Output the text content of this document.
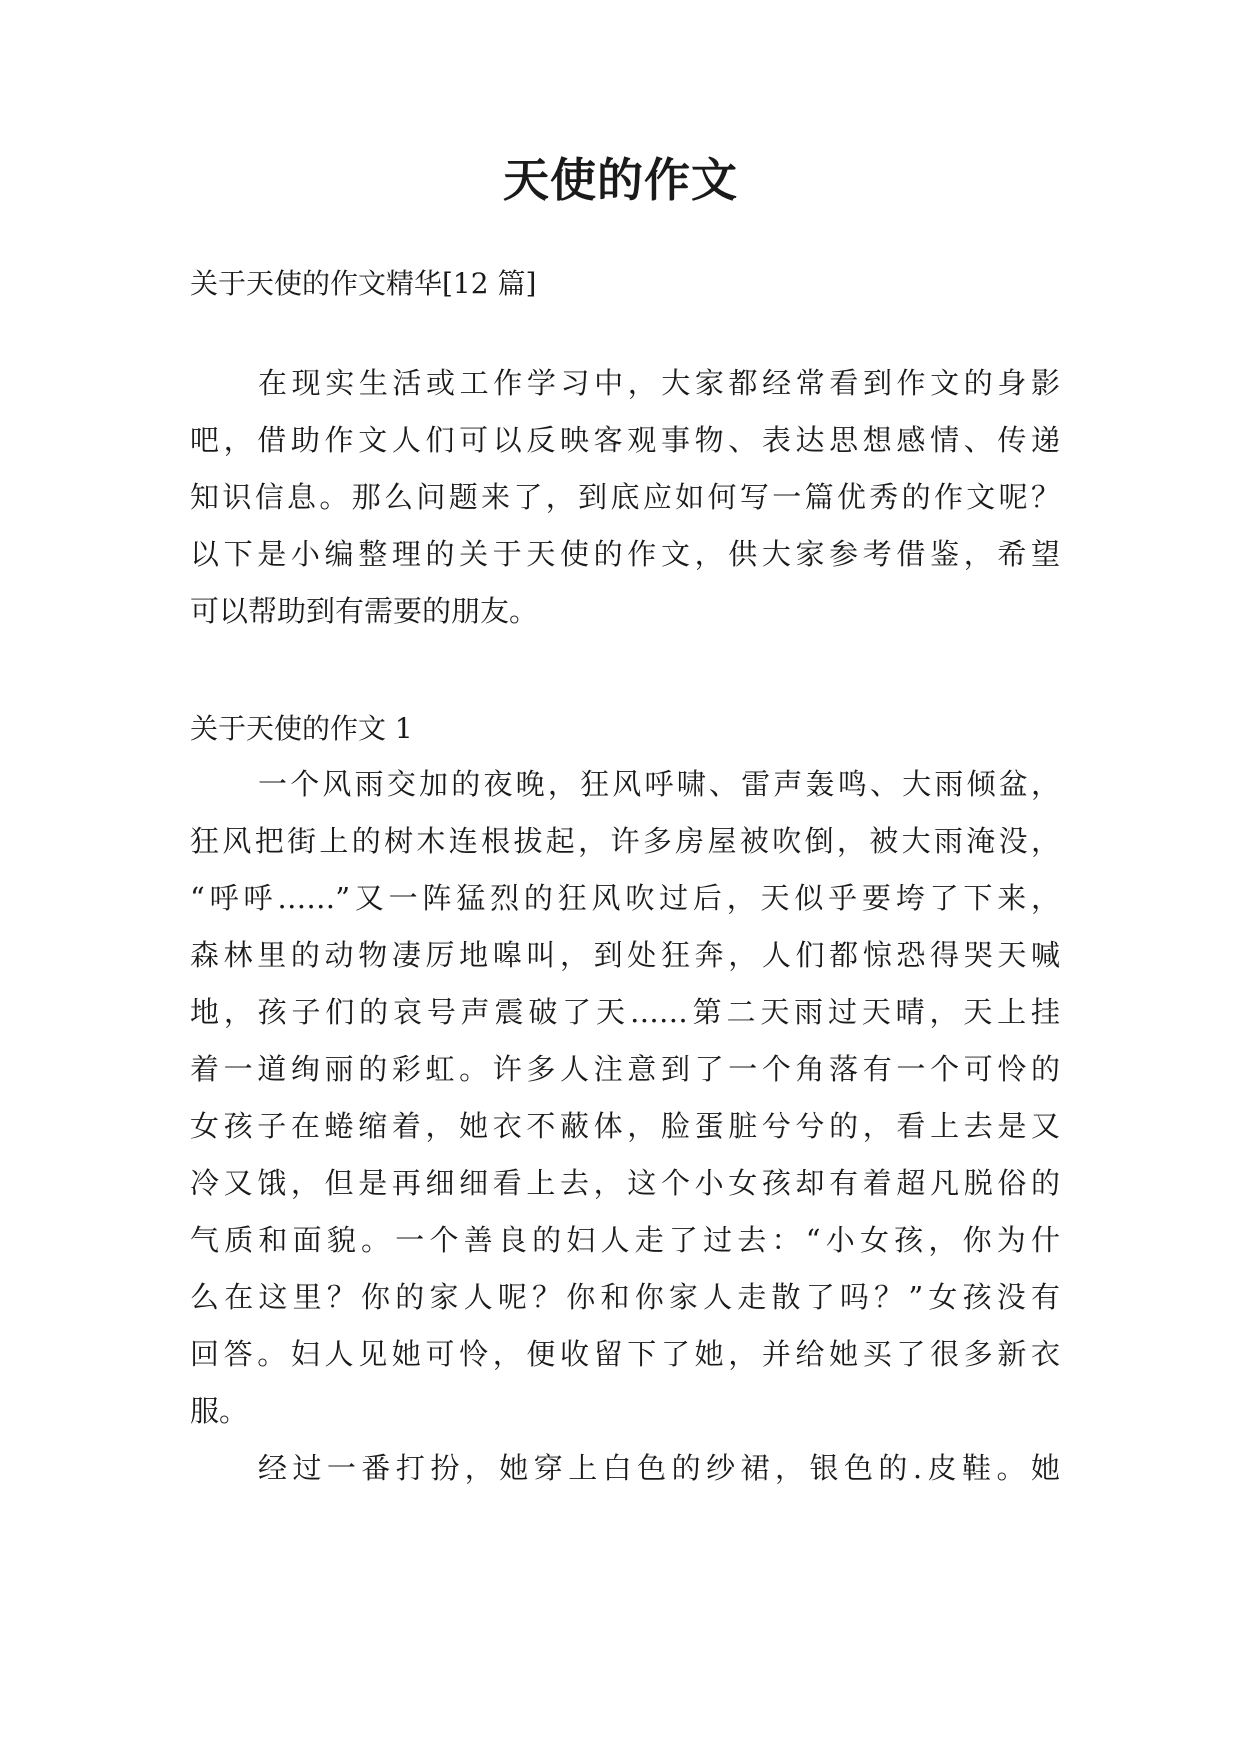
天使的作文

关于天使的作文精华[12 篇]

在现实生活或工作学习中，大家都经常看到作文的身影

吧，借助作文人们可以反映客观事物、表达思想感情、传递

知识信息。那么问题来了，到底应如何写一篇优秀的作文呢？

以下是小编整理的关于天使的作文，供大家参考借鉴，希望

可以帮助到有需要的朋友。

关于天使的作文 1

一个风雨交加的夜晚，狂风呼啸、雷声轰鸣、大雨倾盆，

狂风把街上的树木连根拔起，许多房屋被吹倒，被大雨淹没，

“呼呼……”又一阵猛烈的狂风吹过后，天似乎要垮了下来，

森林里的动物凄厉地嗥叫，到处狂奔，人们都惊恐得哭天喊

地，孩子们的哀号声震破了天……第二天雨过天晴，天上挂

着一道绚丽的彩虹。许多人注意到了一个角落有一个可怜的

女孩子在蜷缩着，她衣不蔽体，脸蛋脏兮兮的，看上去是又

冷又饿，但是再细细看上去，这个小女孩却有着超凡脱俗的

气质和面貌。一个善良的妇人走了过去：“小女孩，你为什

么在这里？你的家人呢？你和你家人走散了吗？”女孩没有

回答。妇人见她可怜，便收留下了她，并给她买了很多新衣

服。

经过一番打扮，她穿上白色的纱裙，银色的.皮鞋。她
